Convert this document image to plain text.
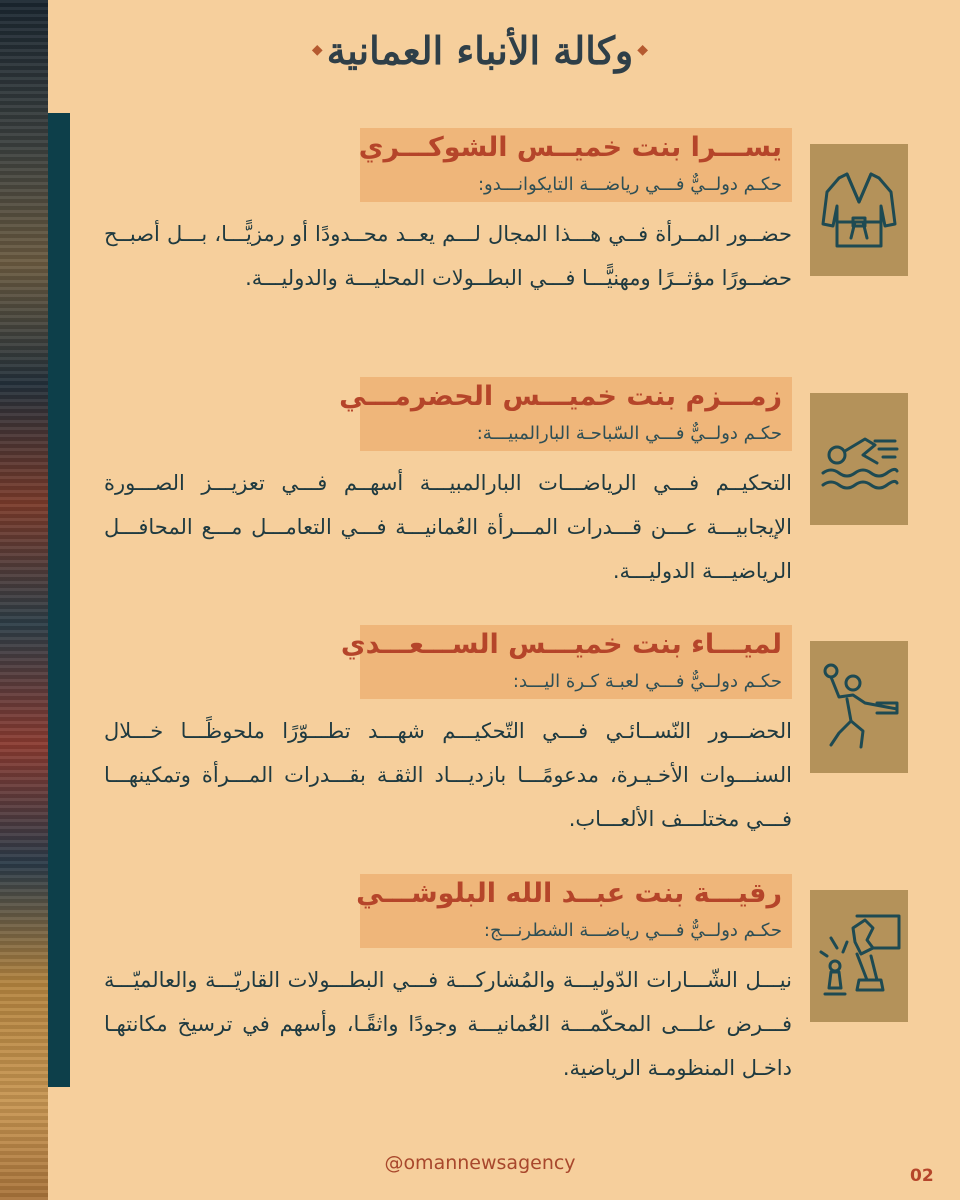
◆
وكالة الأنباء العمانية
◆
يســـرا بنت خميــس الشوكـــري
حكـم دولــيٌّ فـــي رياضـــة التايكوانـــدو:
حضــور المــرأة فــي هـــذا المجال لـــم يعــد محــدودًا أو رمزيًّـــا، بـــل أصبــح حضــورًا مؤثــرًا ومهنيًّـــا فـــي البطــولات المحليـــة والدوليـــة.
زمـــزم بنت خميـــس الحضرمـــي
حكـم دولــيٌّ فـــي السّباحـة البارالمبيـــة:
التحكيــم فـــي الرياضـــات البارالمبيـــة أسهــم فـــي تعزيـــز الصـــورة الإيجابيـــة عـــن قـــدرات المـــرأة العُمانيـــة فـــي التعامـــل مـــع المحافـــل الرياضيـــة الدوليـــة.
لميـــاء بنت خميـــس الســـعـــدي
حكـم دولــيٌّ فـــي لعبـة كـرة اليـــد:
الحضـــور النّســائـي فـــي التّحكيـــم شهـــد تطـــوّرًا ملحوظًـــا خـــلال السنـــوات الأخـيـرة، مدعومًـــا بازديـــاد الثقـة بقـــدرات المـــرأة وتمكينهـــا فـــي مختلـــف الألعـــاب.
رقيـــة بنت عبــد الله البلوشـــي
حكـم دولــيٌّ فـــي رياضـــة الشطرنـــج:
نيـــل الشّـــارات الدّوليـــة والمُشاركـــة فـــي البطـــولات القاريّـــة والعالميّـــة فـــرض علـــى المحكّمـــة العُمانيـــة وجودًا واثقًـا، وأسهم في ترسيخ مكانتهـا داخـل المنظومـة الرياضية.
@omannewsagency
02
